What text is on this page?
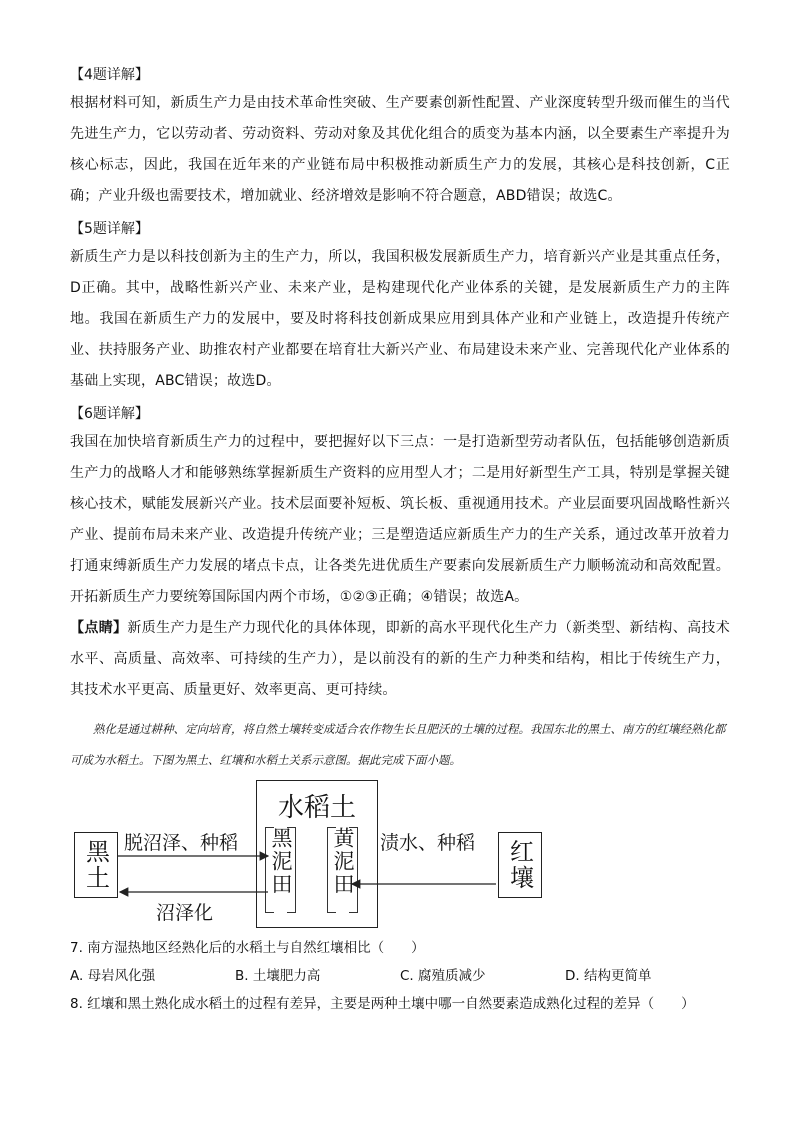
【4题详解】

根据材料可知，新质生产力是由技术革命性突破、生产要素创新性配置、产业深度转型升级而催生的当代先进生产力，它以劳动者、劳动资料、劳动对象及其优化组合的质变为基本内涵，以全要素生产率提升为核心标志，因此，我国在近年来的产业链布局中积极推动新质生产力的发展，其核心是科技创新，C正确；产业升级也需要技术，增加就业、经济增效是影响不符合题意，ABD错误；故选C。

【5题详解】

新质生产力是以科技创新为主的生产力，所以，我国积极发展新质生产力，培育新兴产业是其重点任务，D正确。其中，战略性新兴产业、未来产业，是构建现代化产业体系的关键，是发展新质生产力的主阵地。我国在新质生产力的发展中，要及时将科技创新成果应用到具体产业和产业链上，改造提升传统产业、扶持服务产业、助推农村产业都要在培育壮大新兴产业、布局建设未来产业、完善现代化产业体系的基础上实现，ABC错误；故选D。

【6题详解】

我国在加快培育新质生产力的过程中，要把握好以下三点：一是打造新型劳动者队伍，包括能够创造新质生产力的战略人才和能够熟练掌握新质生产资料的应用型人才；二是用好新型生产工具，特别是掌握关键核心技术，赋能发展新兴产业。技术层面要补短板、筑长板、重视通用技术。产业层面要巩固战略性新兴产业、提前布局未来产业、改造提升传统产业；三是塑造适应新质生产力的生产关系，通过改革开放着力打通束缚新质生产力发展的堵点卡点，让各类先进优质生产要素向发展新质生产力顺畅流动和高效配置。开拓新质生产力要统筹国际国内两个市场，①②③正确；④错误；故选A。

【点睛】新质生产力是生产力现代化的具体体现，即新的高水平现代化生产力（新类型、新结构、高技术水平、高质量、高效率、可持续的生产力），是以前没有的新的生产力种类和结构，相比于传统生产力，其技术水平更高、质量更好、效率更高、更可持续。

熟化是通过耕种、定向培育，将自然土壤转变成适合农作物生长且肥沃的土壤的过程。我国东北的黑土、南方的红壤经熟化都可成为水稻土。下图为黑土、红壤和水稻土关系示意图。据此完成下面小题。

黑土
水稻土
黑泥田 黄泥田	红壤
脱沼泽、种稻
沼泽化
渍水、种稻

7. 南方湿热地区经熟化后的水稻土与自然红壤相比（　　）

A. 母岩风化强	B. 土壤肥力高	C. 腐殖质减少	D. 结构更简单

8. 红壤和黑土熟化成水稻土的过程有差异，主要是两种土壤中哪一自然要素造成熟化过程的差异（　　）
